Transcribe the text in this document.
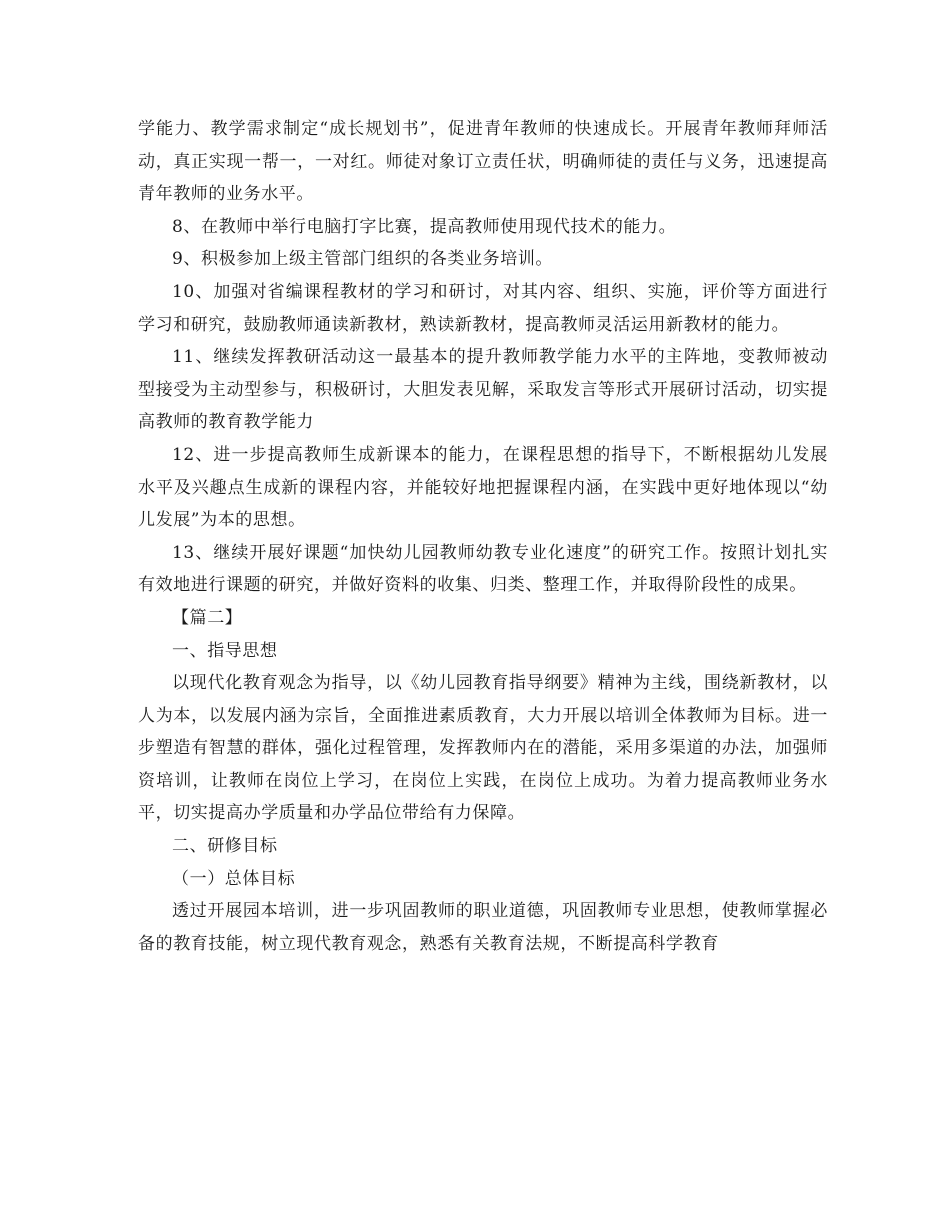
学能力、教学需求制定“成长规划书”，促进青年教师的快速成长。开展青年教师拜师活动，真正实现一帮一，一对红。师徒对象订立责任状，明确师徒的责任与义务，迅速提高青年教师的业务水平。

8、在教师中举行电脑打字比赛，提高教师使用现代技术的能力。

9、积极参加上级主管部门组织的各类业务培训。

10、加强对省编课程教材的学习和研讨，对其内容、组织、实施，评价等方面进行学习和研究，鼓励教师通读新教材，熟读新教材，提高教师灵活运用新教材的能力。

11、继续发挥教研活动这一最基本的提升教师教学能力水平的主阵地，变教师被动型接受为主动型参与，积极研讨，大胆发表见解，采取发言等形式开展研讨活动，切实提高教师的教育教学能力

12、进一步提高教师生成新课本的能力，在课程思想的指导下，不断根据幼儿发展水平及兴趣点生成新的课程内容，并能较好地把握课程内涵，在实践中更好地体现以“幼儿发展”为本的思想。

13、继续开展好课题“加快幼儿园教师幼教专业化速度”的研究工作。按照计划扎实有效地进行课题的研究，并做好资料的收集、归类、整理工作，并取得阶段性的成果。

【篇二】

一、指导思想

以现代化教育观念为指导，以《幼儿园教育指导纲要》精神为主线，围绕新教材，以人为本，以发展内涵为宗旨，全面推进素质教育，大力开展以培训全体教师为目标。进一步塑造有智慧的群体，强化过程管理，发挥教师内在的潜能，采用多渠道的办法，加强师资培训，让教师在岗位上学习，在岗位上实践，在岗位上成功。为着力提高教师业务水平，切实提高办学质量和办学品位带给有力保障。

二、研修目标

（一）总体目标

透过开展园本培训，进一步巩固教师的职业道德，巩固教师专业思想，使教师掌握必备的教育技能，树立现代教育观念，熟悉有关教育法规，不断提高科学教育
